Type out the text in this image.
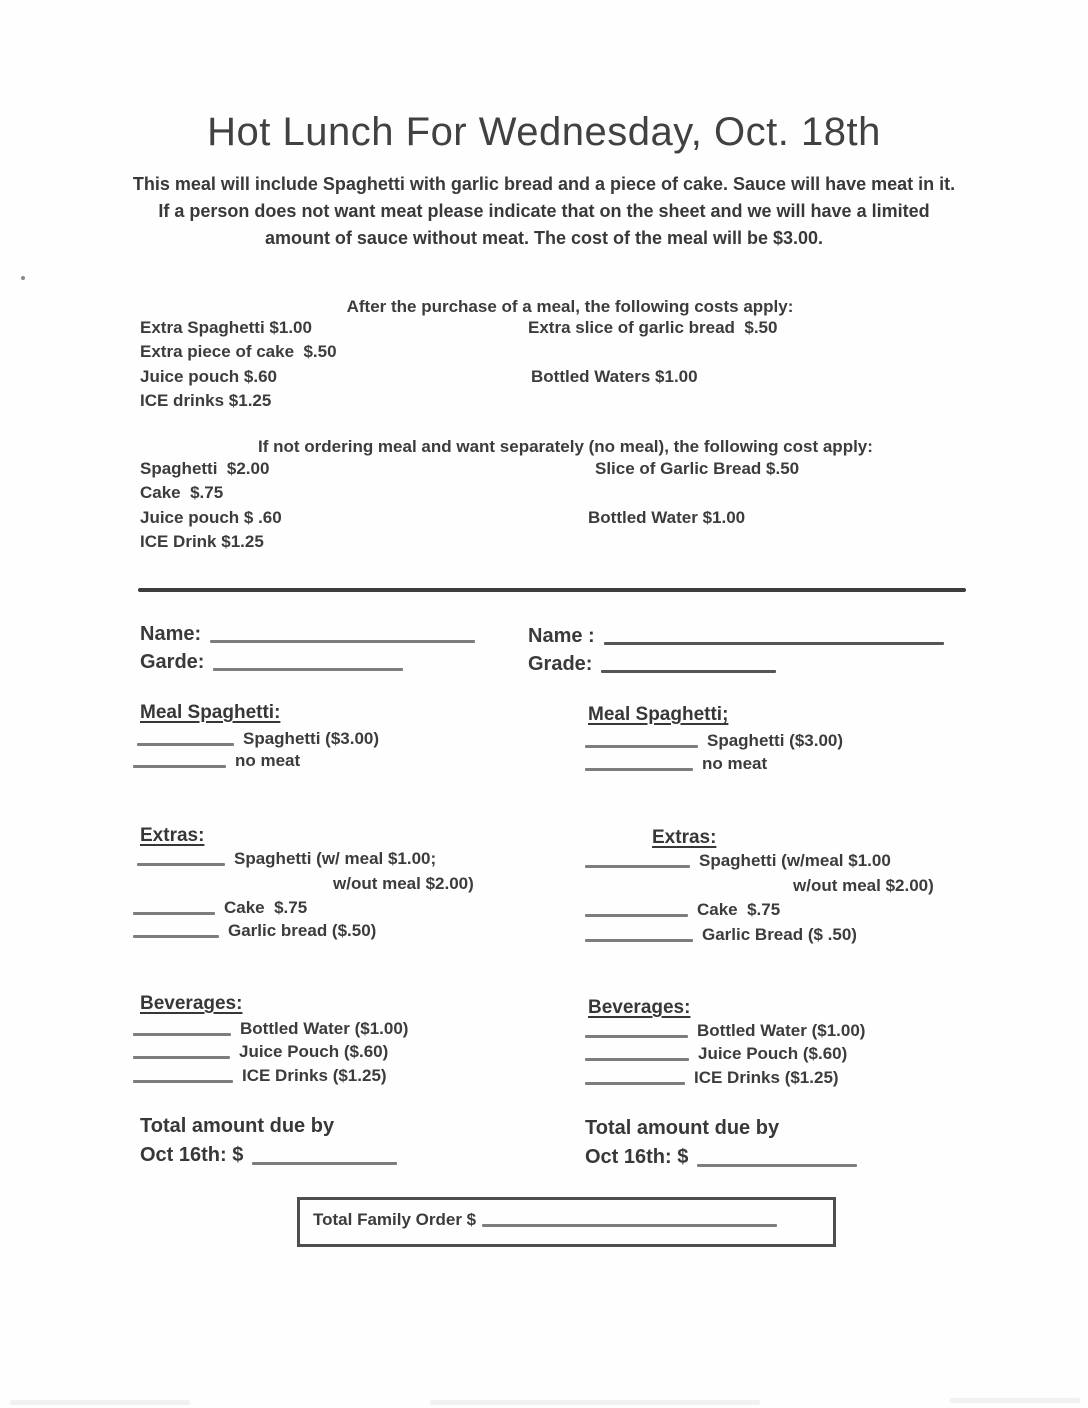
Hot Lunch For Wednesday, Oct. 18th
This meal will include Spaghetti with garlic bread and a piece of cake. Sauce will have meat in it.
If a person does not want meat please indicate that on the sheet and we will have a limited
amount of sauce without meat. The cost of the meal will be $3.00.
After the purchase of a meal, the following costs apply:
Extra Spaghetti $1.00
Extra piece of cake  $.50
Juice pouch $.60
ICE drinks $1.25
Extra slice of garlic bread  $.50
Bottled Waters $1.00
If not ordering meal and want separately (no meal), the following cost apply:
Spaghetti  $2.00
Cake  $.75
Juice pouch $ .60
ICE Drink $1.25
Slice of Garlic Bread $.50
Bottled Water $1.00
Name:
Garde:
Meal Spaghetti:
Spaghetti ($3.00)
no meat
Extras:
Spaghetti (w/ meal $1.00;
w/out meal $2.00)
Cake  $.75
Garlic bread ($.50)
Beverages:
Bottled Water ($1.00)
Juice Pouch ($.60)
ICE Drinks ($1.25)
Total amount due by
Oct 16th: $
Name :
Grade:
Meal Spaghetti;
Spaghetti ($3.00)
no meat
Extras:
Spaghetti (w/meal $1.00
w/out meal $2.00)
Cake  $.75
Garlic Bread ($ .50)
Beverages:
Bottled Water ($1.00)
Juice Pouch ($.60)
ICE Drinks ($1.25)
Total amount due by
Oct 16th: $
Total Family Order $
